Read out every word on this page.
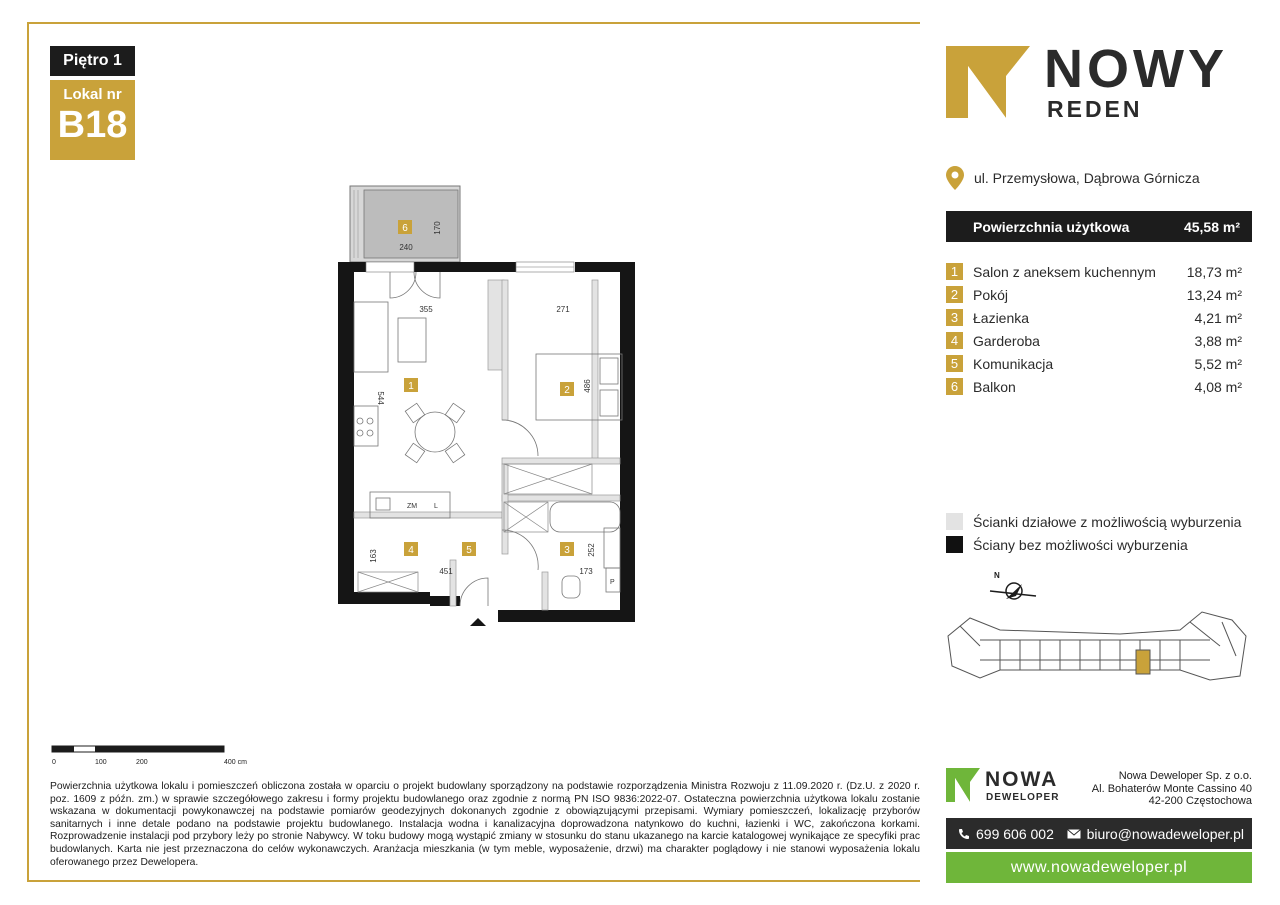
Piętro 1
Lokal nr
B18
NOWY
REDEN
ul. Przemysłowa, Dąbrowa Górnicza
Powierzchnia użytkowa	45,58 m²
1	Salon z aneksem kuchennym	18,73 m²
2	Pokój	13,24 m²
3	Łazienka	4,21 m²
4	Garderoba	3,88 m²
5	Komunikacja	5,52 m²
6	Balkon	4,08 m²
Ścianki działowe z możliwością wyburzenia
Ściany bez możliwości wyburzenia
N
ZM L
P
6
1	2
3
4	5
240
170
355	271
544
486
163
451
252
173
0	100	200	400 cm
Powierzchnia użytkowa lokalu i pomieszczeń obliczona została w oparciu o projekt budowlany sporządzony na podstawie rozporządzenia Ministra Rozwoju z 11.09.2020 r. (Dz.U. z 2020 r. poz. 1609 z późn. zm.) w sprawie szczegółowego zakresu i formy projektu budowlanego oraz zgodnie z normą PN ISO 9836:2022-07. Ostateczna powierzchnia użytkowa lokalu zostanie wskazana w dokumentacji powykonawczej na podstawie pomiarów geodezyjnych dokonanych zgodnie z obowiązującymi przepisami. Wymiary pomieszczeń, lokalizację przyborów sanitarnych i inne detale podano na podstawie projektu budowlanego. Instalacja wodna i kanalizacyjna doprowadzona natynkowo do kuchni, łazienki i WC, zakończona korkami. Rozprowadzenie instalacji pod przybory leży po stronie Nabywcy. W toku budowy mogą wystąpić zmiany w stosunku do stanu ukazanego na karcie katalogowej wynikające ze specyfiki prac budowlanych. Karta nie jest przeznaczona do celów wykonawczych. Aranżacja mieszkania (w tym meble, wyposażenie, drzwi) ma charakter poglądowy i nie stanowi wyposażenia lokalu oferowanego przez Dewelopera.
NOWA
DEWELOPER
Nowa Deweloper Sp. z o.o.
Al. Bohaterów Monte Cassino 40
42-200 Częstochowa
699 606 002 biuro@nowadeweloper.pl
www.nowadeweloper.pl
